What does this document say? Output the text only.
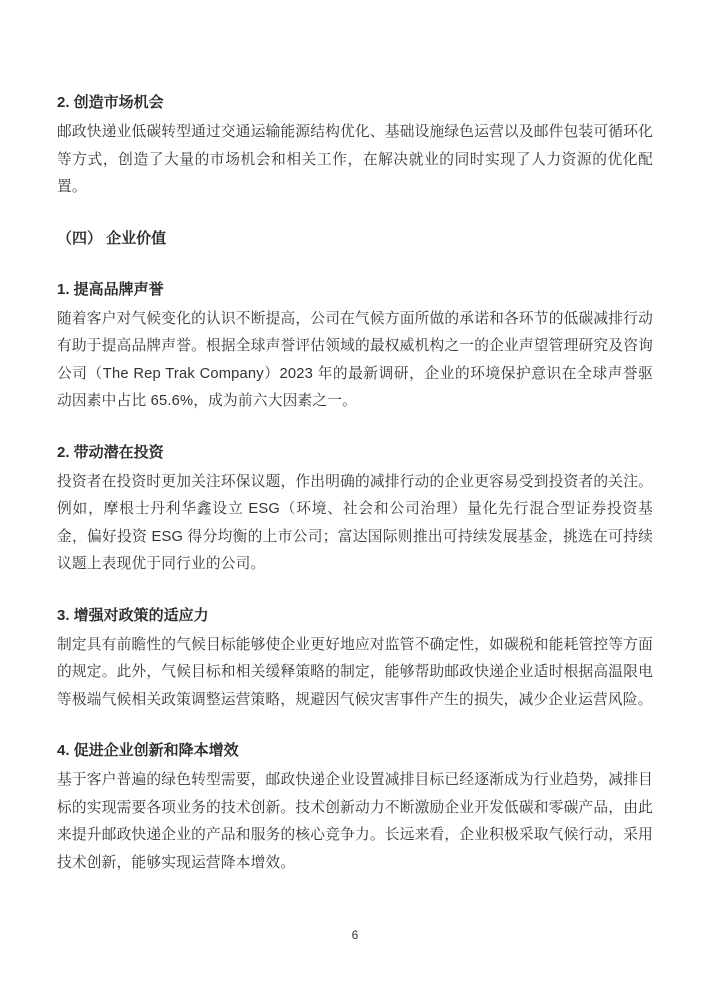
2. 创造市场机会

邮政快递业低碳转型通过交通运输能源结构优化、基础设施绿色运营以及邮件包装可循环化等方式，创造了大量的市场机会和相关工作，在解决就业的同时实现了人力资源的优化配置。

（四） 企业价值
1. 提高品牌声誉

随着客户对气候变化的认识不断提高，公司在气候方面所做的承诺和各环节的低碳减排行动有助于提高品牌声誉。根据全球声誉评估领域的最权威机构之一的企业声望管理研究及咨询公司（The Rep Trak Company）2023 年的最新调研，企业的环境保护意识在全球声誉驱动因素中占比 65.6%，成为前六大因素之一。

2. 带动潜在投资

投资者在投资时更加关注环保议题，作出明确的减排行动的企业更容易受到投资者的关注。例如，摩根士丹利华鑫设立 ESG（环境、社会和公司治理）量化先行混合型证券投资基金，偏好投资 ESG 得分均衡的上市公司；富达国际则推出可持续发展基金，挑选在可持续议题上表现优于同行业的公司。

3. 增强对政策的适应力

制定具有前瞻性的气候目标能够使企业更好地应对监管不确定性，如碳税和能耗管控等方面的规定。此外，气候目标和相关缓释策略的制定，能够帮助邮政快递企业适时根据高温限电等极端气候相关政策调整运营策略，规避因气候灾害事件产生的损失，减少企业运营风险。

4. 促进企业创新和降本增效

基于客户普遍的绿色转型需要，邮政快递企业设置减排目标已经逐渐成为行业趋势，减排目标的实现需要各项业务的技术创新。技术创新动力不断激励企业开发低碳和零碳产品，由此来提升邮政快递企业的产品和服务的核心竞争力。长远来看，企业积极采取气候行动，采用技术创新，能够实现运营降本增效。

6
